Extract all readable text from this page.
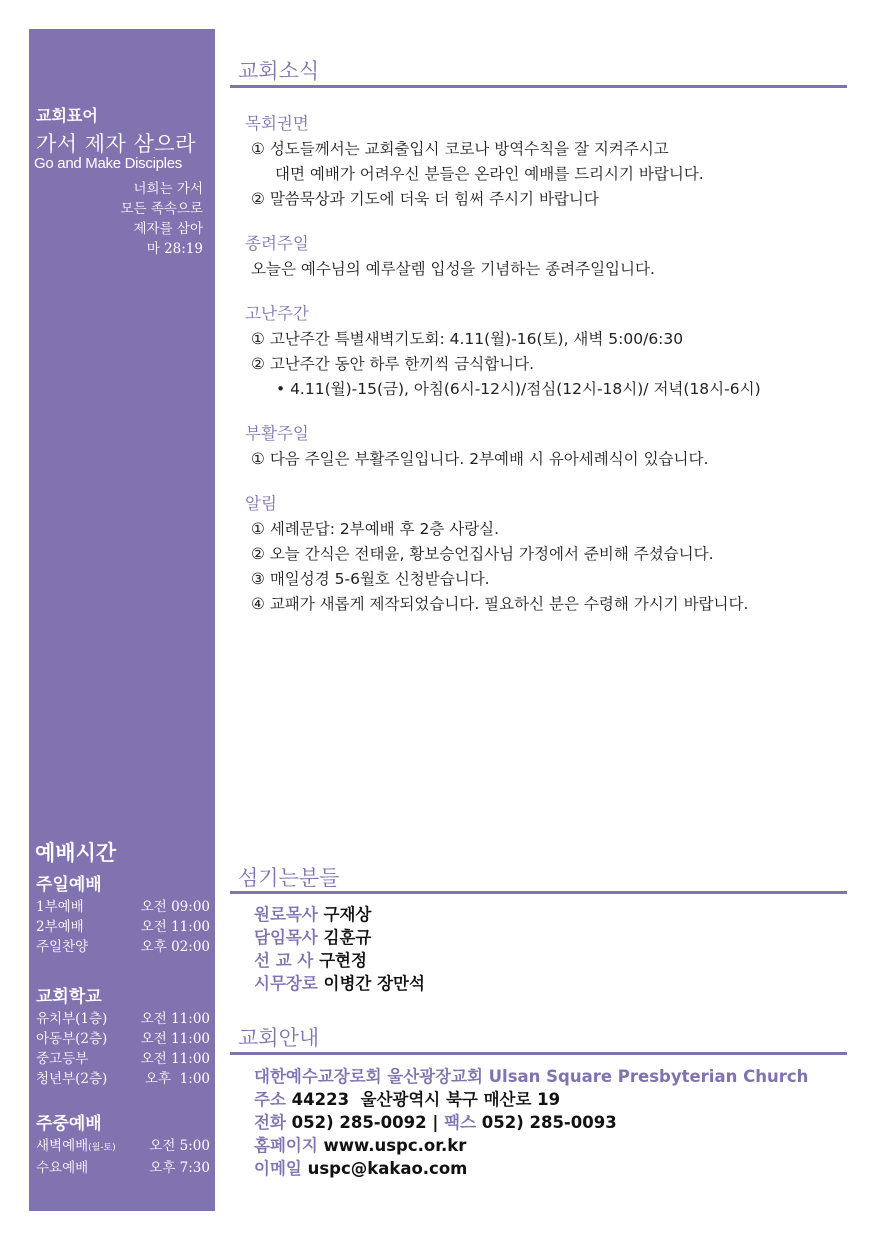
교회표어
가서 제자 삼으라
Go and Make Disciples
너희는 가서
모든 족속으로
제자를 삼아
마 28:19
예배시간
주일예배
1부예배	오전 09:00
2부예배	오전 11:00
주일찬양	오후 02:00
교회학교
유치부(1층) 오전 11:00
아동부(2층) 오전 11:00
중고등부	오전 11:00
청년부(2층)	오후  1:00
주중예배
새벽예배(월-토) 오전 5:00
수요예배	오후 7:30
교회소식
목회권면
① 성도들께서는 교회출입시 코로나 방역수칙을 잘 지켜주시고
대면 예배가 어려우신 분들은 온라인 예배를 드리시기 바랍니다.
② 말씀묵상과 기도에 더욱 더 힘써 주시기 바랍니다
종려주일
오늘은 예수님의 예루살렘 입성을 기념하는 종려주일입니다.
고난주간
① 고난주간 특별새벽기도회: 4.11(월)-16(토), 새벽 5:00/6:30
② 고난주간 동안 하루 한끼씩 금식합니다.
• 4.11(월)-15(금), 아침(6시-12시)/점심(12시-18시)/ 저녁(18시-6시)
부활주일
① 다음 주일은 부활주일입니다. 2부예배 시 유아세례식이 있습니다.
알림
① 세례문답: 2부예배 후 2층 사랑실.
② 오늘 간식은 전태윤, 황보승언집사님 가정에서 준비해 주셨습니다.
③ 매일성경 5-6월호 신청받습니다.
④ 교패가 새롭게 제작되었습니다. 필요하신 분은 수령해 가시기 바랍니다.
섬기는분들
원로목사 구재상
담임목사 김훈규
선 교 사 구현정
시무장로 이병간 장만석
교회안내
대한예수교장로회 울산광장교회 Ulsan Square Presbyterian Church
주소 44223  울산광역시 북구 매산로 19
전화 052) 285-0092 | 팩스 052) 285-0093
홈페이지 www.uspc.or.kr
이메일 uspc@kakao.com
